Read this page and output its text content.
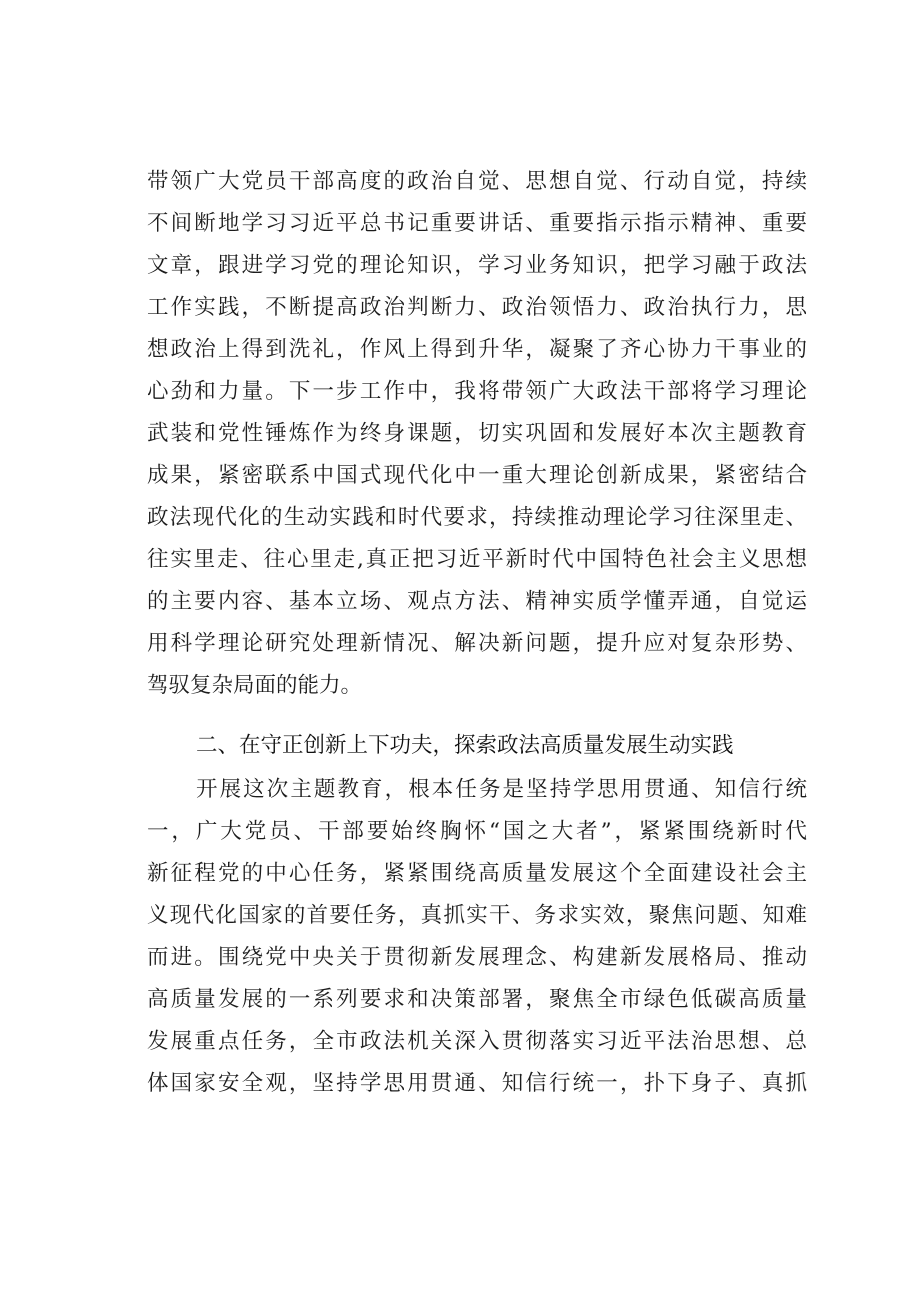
带领广大党员干部高度的政治自觉、思想自觉、行动自觉，持续
不间断地学习习近平总书记重要讲话、重要指示指示精神、重要
文章，跟进学习党的理论知识，学习业务知识，把学习融于政法
工作实践，不断提高政治判断力、政治领悟力、政治执行力，思
想政治上得到洗礼，作风上得到升华，凝聚了齐心协力干事业的
心劲和力量。下一步工作中，我将带领广大政法干部将学习理论
武装和党性锤炼作为终身课题，切实巩固和发展好本次主题教育
成果，紧密联系中国式现代化中一重大理论创新成果，紧密结合
政法现代化的生动实践和时代要求，持续推动理论学习往深里走、
往实里走、往心里走,真正把习近平新时代中国特色社会主义思想
的主要内容、基本立场、观点方法、精神实质学懂弄通，自觉运
用科学理论研究处理新情况、解决新问题，提升应对复杂形势、
驾驭复杂局面的能力。
二、在守正创新上下功夫，探索政法高质量发展生动实践
开展这次主题教育，根本任务是坚持学思用贯通、知信行统
一，广大党员、干部要始终胸怀“国之大者”，紧紧围绕新时代
新征程党的中心任务，紧紧围绕高质量发展这个全面建设社会主
义现代化国家的首要任务，真抓实干、务求实效，聚焦问题、知难
而进。围绕党中央关于贯彻新发展理念、构建新发展格局、推动
高质量发展的一系列要求和决策部署，聚焦全市绿色低碳高质量
发展重点任务，全市政法机关深入贯彻落实习近平法治思想、总
体国家安全观，坚持学思用贯通、知信行统一，扑下身子、真抓
